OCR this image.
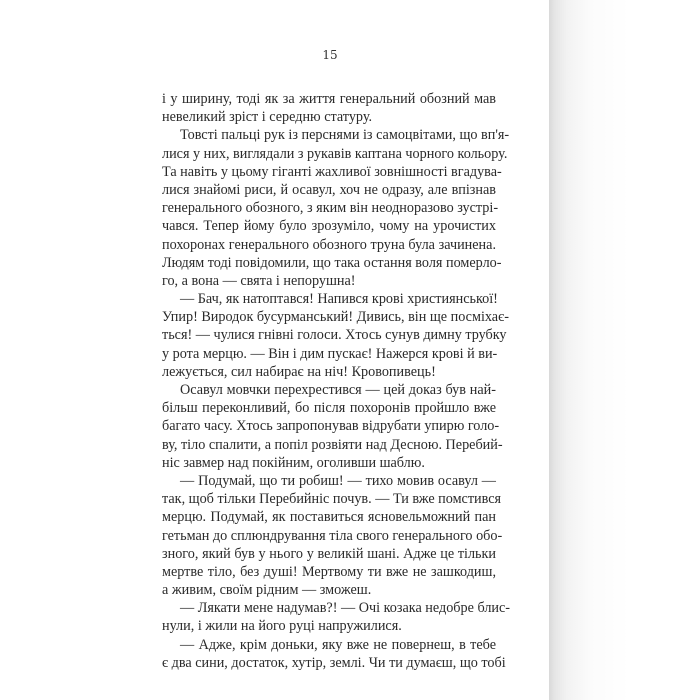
15
і у ширину, тоді як за життя генеральний обозний мав
невеликий зріст і середню статуру.
Товсті пальці рук із перснями із самоцвітами, що вп'я-
лися у них, виглядали з рукавів каптана чорного кольору.
Та навіть у цьому гіганті жахливої зовнішності вгадува-
лися знайомі риси, й осавул, хоч не одразу, але впізнав
генерального обозного, з яким він неодноразово зустрі-
чався. Тепер йому було зрозуміло, чому на урочистих
похоронах генерального обозного труна була зачинена.
Людям тоді повідомили, що така остання воля померло-
го, а вона — свята і непорушна!
— Бач, як натоптався! Напився крові християнської!
Упир! Виродок бусурманський! Дивись, він ще посміхає-
ться! — чулися гнівні голоси. Хтось сунув димну трубку
у рота мерцю. — Він і дим пускає! Нажерся крові й ви-
лежується, сил набирає на ніч! Кровопивець!
Осавул мовчки перехрестився — цей доказ був най-
більш переконливий, бо після похоронів пройшло вже
багато часу. Хтось запропонував відрубати упирю голо-
ву, тіло спалити, а попіл розвіяти над Десною. Перебий-
ніс завмер над покійним, оголивши шаблю.
— Подумай, що ти робиш! — тихо мовив осавул —
так, щоб тільки Перебийніс почув. — Ти вже помстився
мерцю. Подумай, як поставиться ясновельможний пан
гетьман до сплюндрування тіла свого генерального обо-
зного, який був у нього у великій шані. Адже це тільки
мертве тіло, без душі! Мертвому ти вже не зашкодиш,
а живим, своїм рідним — зможеш.
— Лякати мене надумав?! — Очі козака недобре блис-
нули, і жили на його руці напружилися.
— Адже, крім доньки, яку вже не повернеш, в тебе
є два сини, достаток, хутір, землі. Чи ти думаєш, що тобі
